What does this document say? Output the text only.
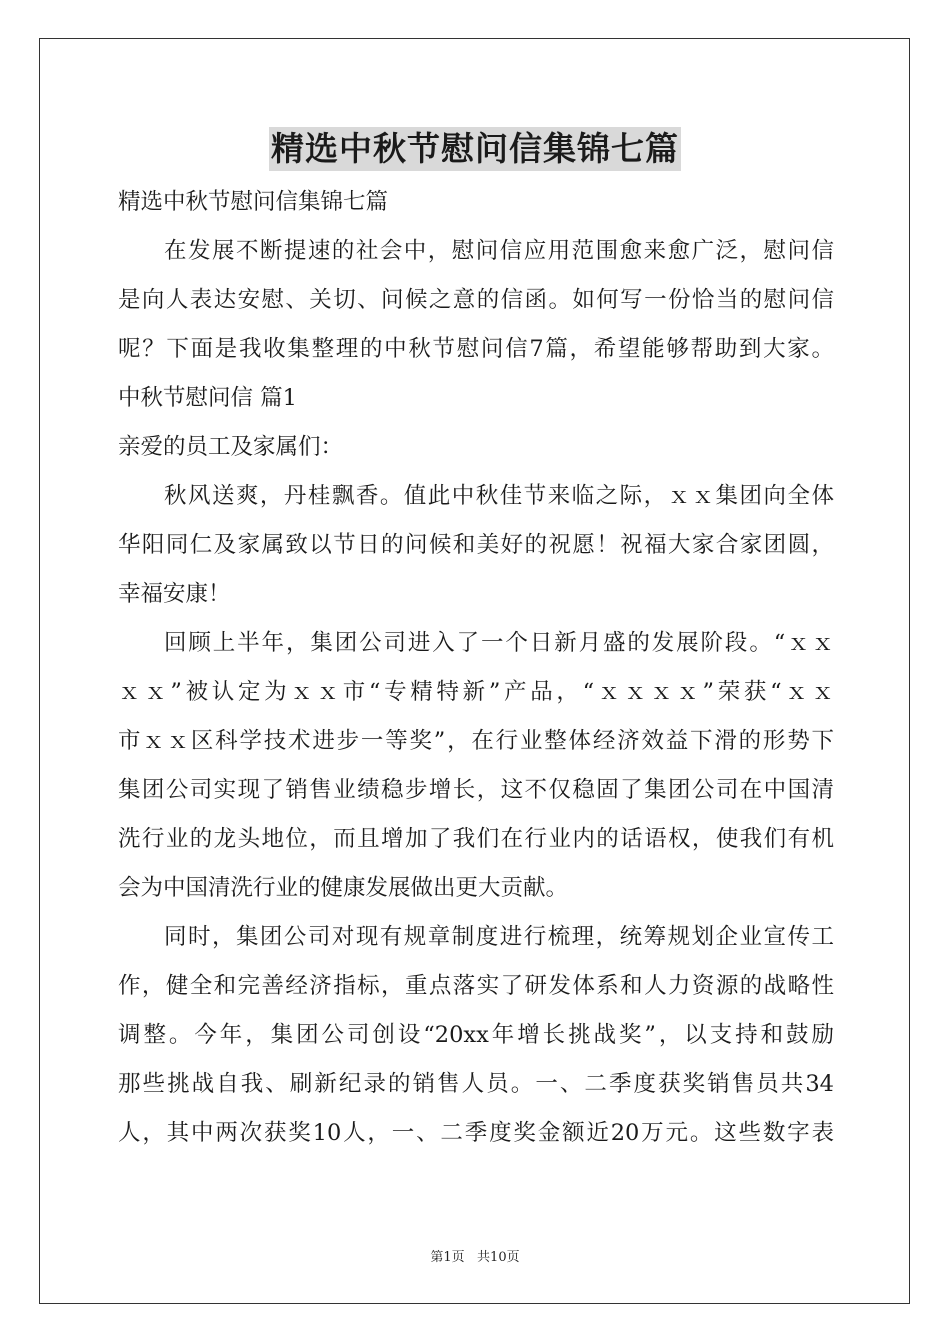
精选中秋节慰问信集锦七篇
精选中秋节慰问信集锦七篇
在发展不断提速的社会中，慰问信应用范围愈来愈广泛，慰问信
是向人表达安慰、关切、问候之意的信函。如何写一份恰当的慰问信
呢？下面是我收集整理的中秋节慰问信7篇，希望能够帮助到大家。
中秋节慰问信 篇1
亲爱的员工及家属们：
秋风送爽，丹桂飘香。值此中秋佳节来临之际，ｘｘ集团向全体
华阳同仁及家属致以节日的问候和美好的祝愿！祝福大家合家团圆，
幸福安康！
回顾上半年，集团公司进入了一个日新月盛的发展阶段。“ｘｘ
ｘｘ”被认定为ｘｘ市“专精特新”产品，“ｘｘｘｘ”荣获“ｘｘ
市ｘｘ区科学技术进步一等奖”，在行业整体经济效益下滑的形势下
集团公司实现了销售业绩稳步增长，这不仅稳固了集团公司在中国清
洗行业的龙头地位，而且增加了我们在行业内的话语权，使我们有机
会为中国清洗行业的健康发展做出更大贡献。
同时，集团公司对现有规章制度进行梳理，统筹规划企业宣传工
作，健全和完善经济指标，重点落实了研发体系和人力资源的战略性
调整。今年，集团公司创设“20xx年增长挑战奖”，以支持和鼓励
那些挑战自我、刷新纪录的销售人员。一、二季度获奖销售员共34
人，其中两次获奖10人，一、二季度奖金额近20万元。这些数字表
第1页   共10页
